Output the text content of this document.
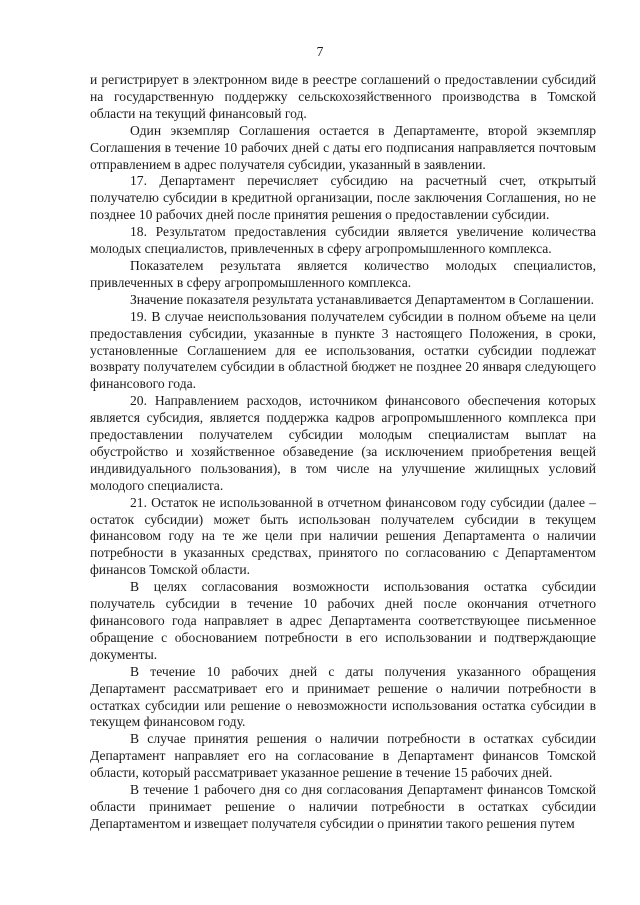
7

и регистрирует в электронном виде в реестре соглашений о предоставлении субсидий на государственную поддержку сельскохозяйственного производства в Томской области на текущий финансовый год.

Один экземпляр Соглашения остается в Департаменте, второй экземпляр Соглашения в течение 10 рабочих дней с даты его подписания направляется почтовым отправлением в адрес получателя субсидии, указанный в заявлении.

17. Департамент перечисляет субсидию на расчетный счет, открытый получателю субсидии в кредитной организации, после заключения Соглашения, но не позднее 10 рабочих дней после принятия решения о предоставлении субсидии.

18. Результатом предоставления субсидии является увеличение количества молодых специалистов, привлеченных в сферу агропромышленного комплекса.

Показателем результата является количество молодых специалистов, привлеченных в сферу агропромышленного комплекса.

Значение показателя результата устанавливается Департаментом в Соглашении.

19. В случае неиспользования получателем субсидии в полном объеме на цели предоставления субсидии, указанные в пункте 3 настоящего Положения, в сроки, установленные Соглашением для ее использования, остатки субсидии подлежат возврату получателем субсидии в областной бюджет не позднее 20 января следующего финансового года.

20. Направлением расходов, источником финансового обеспечения которых является субсидия, является поддержка кадров агропромышленного комплекса при предоставлении получателем субсидии молодым специалистам выплат на обустройство и хозяйственное обзаведение (за исключением приобретения вещей индивидуального пользования), в том числе на улучшение жилищных условий молодого специалиста.

21. Остаток не использованной в отчетном финансовом году субсидии (далее – остаток субсидии) может быть использован получателем субсидии в текущем финансовом году на те же цели при наличии решения Департамента о наличии потребности в указанных средствах, принятого по согласованию с Департаментом финансов Томской области.

В целях согласования возможности использования остатка субсидии получатель субсидии в течение 10 рабочих дней после окончания отчетного финансового года направляет в адрес Департамента соответствующее письменное обращение с обоснованием потребности в его использовании и подтверждающие документы.

В течение 10 рабочих дней с даты получения указанного обращения Департамент рассматривает его и принимает решение о наличии потребности в остатках субсидии или решение о невозможности использования остатка субсидии в текущем финансовом году.

В случае принятия решения о наличии потребности в остатках субсидии Департамент направляет его на согласование в Департамент финансов Томской области, который рассматривает указанное решение в течение 15 рабочих дней.

В течение 1 рабочего дня со дня согласования Департамент финансов Томской области принимает решение о наличии потребности в остатках субсидии Департаментом и извещает получателя субсидии о принятии такого решения путем
